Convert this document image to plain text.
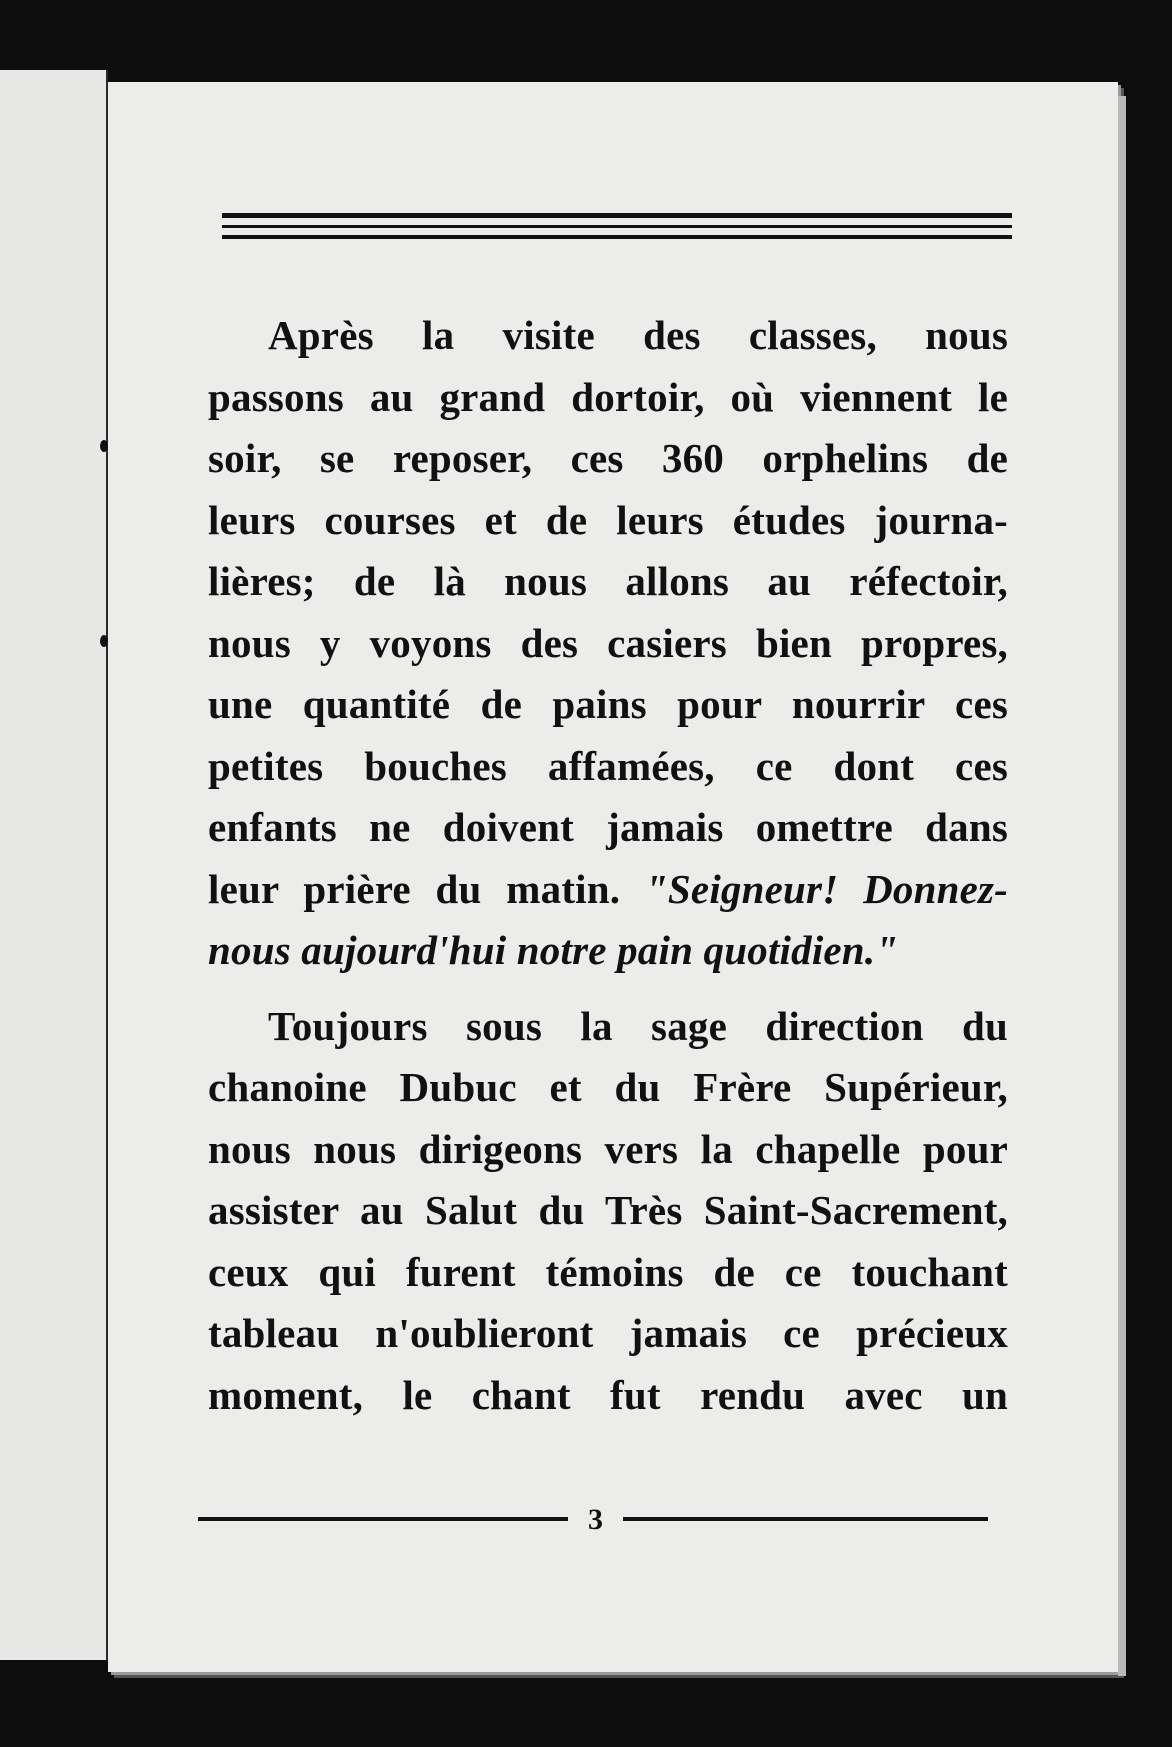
Après la visite des classes, nous
passons au grand dortoir, où viennent le
soir, se reposer, ces 360 orphelins de
leurs courses et de leurs études journa-
lières; de là nous allons au réfectoir,
nous y voyons des casiers bien propres,
une quantité de pains pour nourrir ces
petites bouches affamées, ce dont ces
enfants ne doivent jamais omettre dans
leur prière du matin. "Seigneur! Donnez-
nous aujourd'hui notre pain quotidien."
Toujours sous la sage direction du
chanoine Dubuc et du Frère Supérieur,
nous nous dirigeons vers la chapelle pour
assister au Salut du Très Saint-Sacrement,
ceux qui furent témoins de ce touchant
tableau n'oublieront jamais ce précieux
moment, le chant fut rendu avec un
3
